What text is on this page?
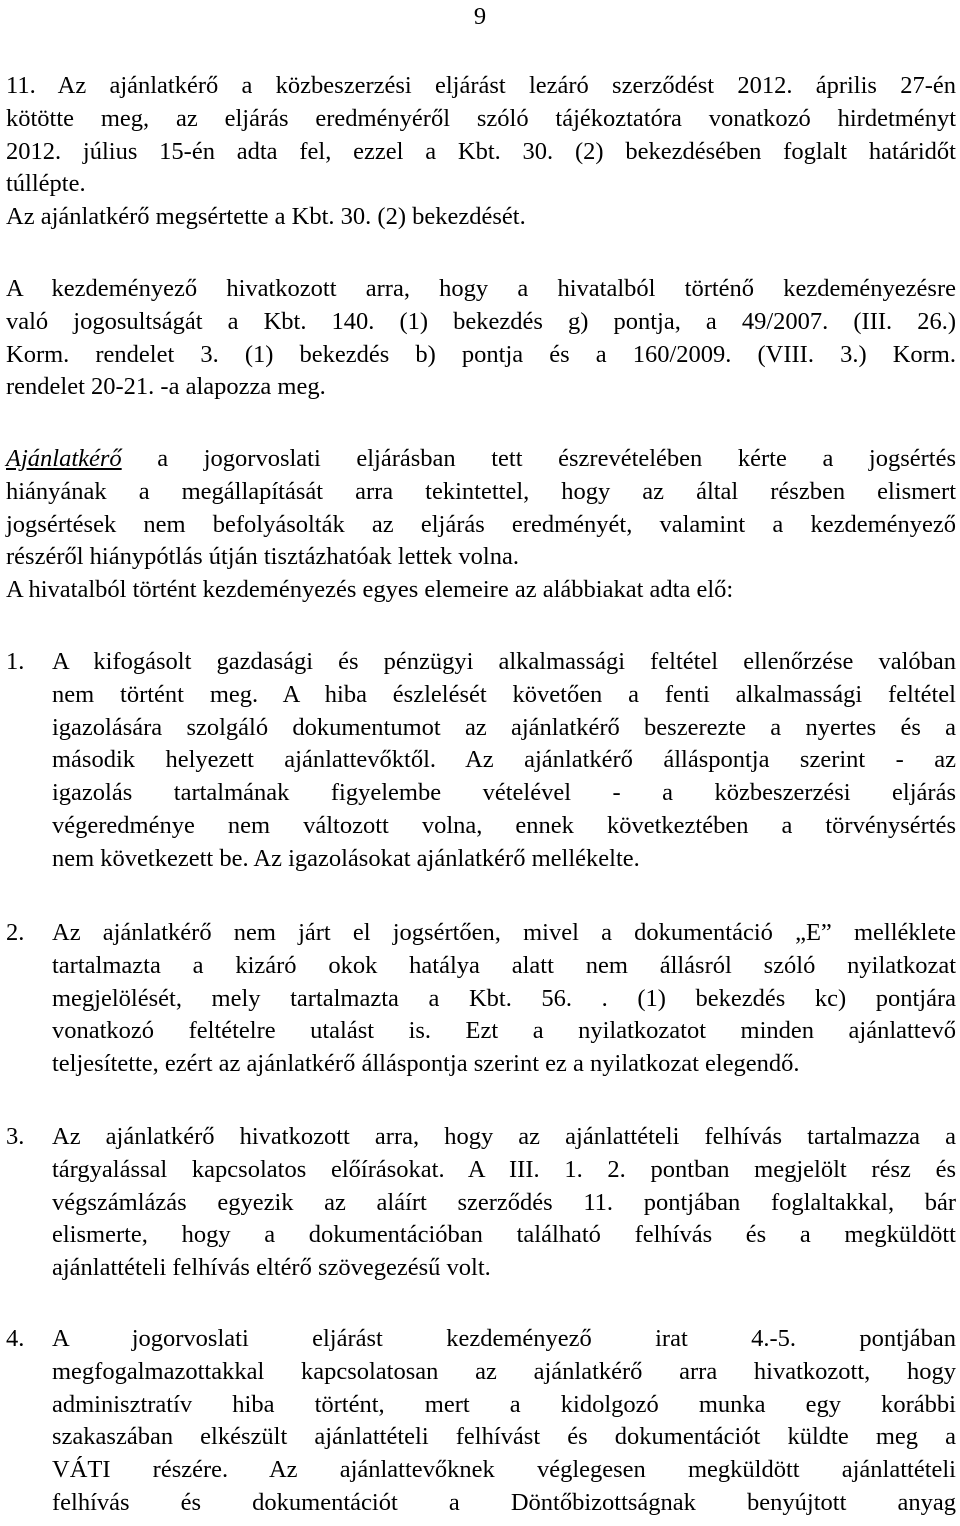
9
11. Az ajánlatkérő a közbeszerzési eljárást lezáró szerződést 2012. április 27-én
kötötte meg, az eljárás eredményéről szóló tájékoztatóra vonatkozó hirdetményt
2012. július 15-én adta fel, ezzel a Kbt. 30. (2) bekezdésében foglalt határidőt
túllépte.
Az ajánlatkérő megsértette a Kbt. 30. (2) bekezdését.
A kezdeményező hivatkozott arra, hogy a hivatalból történő kezdeményezésre
való jogosultságát a Kbt. 140. (1) bekezdés g) pontja, a 49/2007. (III. 26.)
Korm. rendelet 3. (1) bekezdés b) pontja és a 160/2009. (VIII. 3.) Korm.
rendelet 20-21. -a alapozza meg.
Ajánlatkérő a jogorvoslati eljárásban tett észrevételében kérte a jogsértés
hiányának a megállapítását arra tekintettel, hogy az által részben elismert
jogsértések nem befolyásolták az eljárás eredményét, valamint a kezdeményező
részéről hiánypótlás útján tisztázhatóak lettek volna.
A hivatalból történt kezdeményezés egyes elemeire az alábbiakat adta elő:
1.	A kifogásolt gazdasági és pénzügyi alkalmassági feltétel ellenőrzése valóban
nem történt meg. A hiba észlelését követően a fenti alkalmassági feltétel
igazolására szolgáló dokumentumot az ajánlatkérő beszerezte a nyertes és a
második helyezett ajánlattevőktől. Az ajánlatkérő álláspontja szerint - az
igazolás tartalmának figyelembe vételével - a közbeszerzési eljárás
végeredménye nem változott volna, ennek következtében a törvénysértés
nem következett be. Az igazolásokat ajánlatkérő mellékelte.
2.	Az ajánlatkérő nem járt el jogsértően, mivel a dokumentáció „E” melléklete
tartalmazta a kizáró okok hatálya alatt nem állásról szóló nyilatkozat
megjelölését, mely tartalmazta a Kbt. 56. . (1) bekezdés kc) pontjára
vonatkozó feltételre utalást is. Ezt a nyilatkozatot minden ajánlattevő
teljesítette, ezért az ajánlatkérő álláspontja szerint ez a nyilatkozat elegendő.
3.	Az ajánlatkérő hivatkozott arra, hogy az ajánlattételi felhívás tartalmazza a
tárgyalással kapcsolatos előírásokat. A III. 1. 2. pontban megjelölt rész és
végszámlázás egyezik az aláírt szerződés 11. pontjában foglaltakkal, bár
elismerte, hogy a dokumentációban található felhívás és a megküldött
ajánlattételi felhívás eltérő szövegezésű volt.
4.	A jogorvoslati eljárást kezdeményező irat 4.-5. pontjában
megfogalmazottakkal kapcsolatosan az ajánlatkérő arra hivatkozott, hogy
adminisztratív hiba történt, mert a kidolgozó munka egy korábbi
szakaszában elkészült ajánlattételi felhívást és dokumentációt küldte meg a
VÁTI részére. Az ajánlattevőknek véglegesen megküldött ajánlattételi
felhívás és dokumentációt a Döntőbizottságnak benyújtott anyag
